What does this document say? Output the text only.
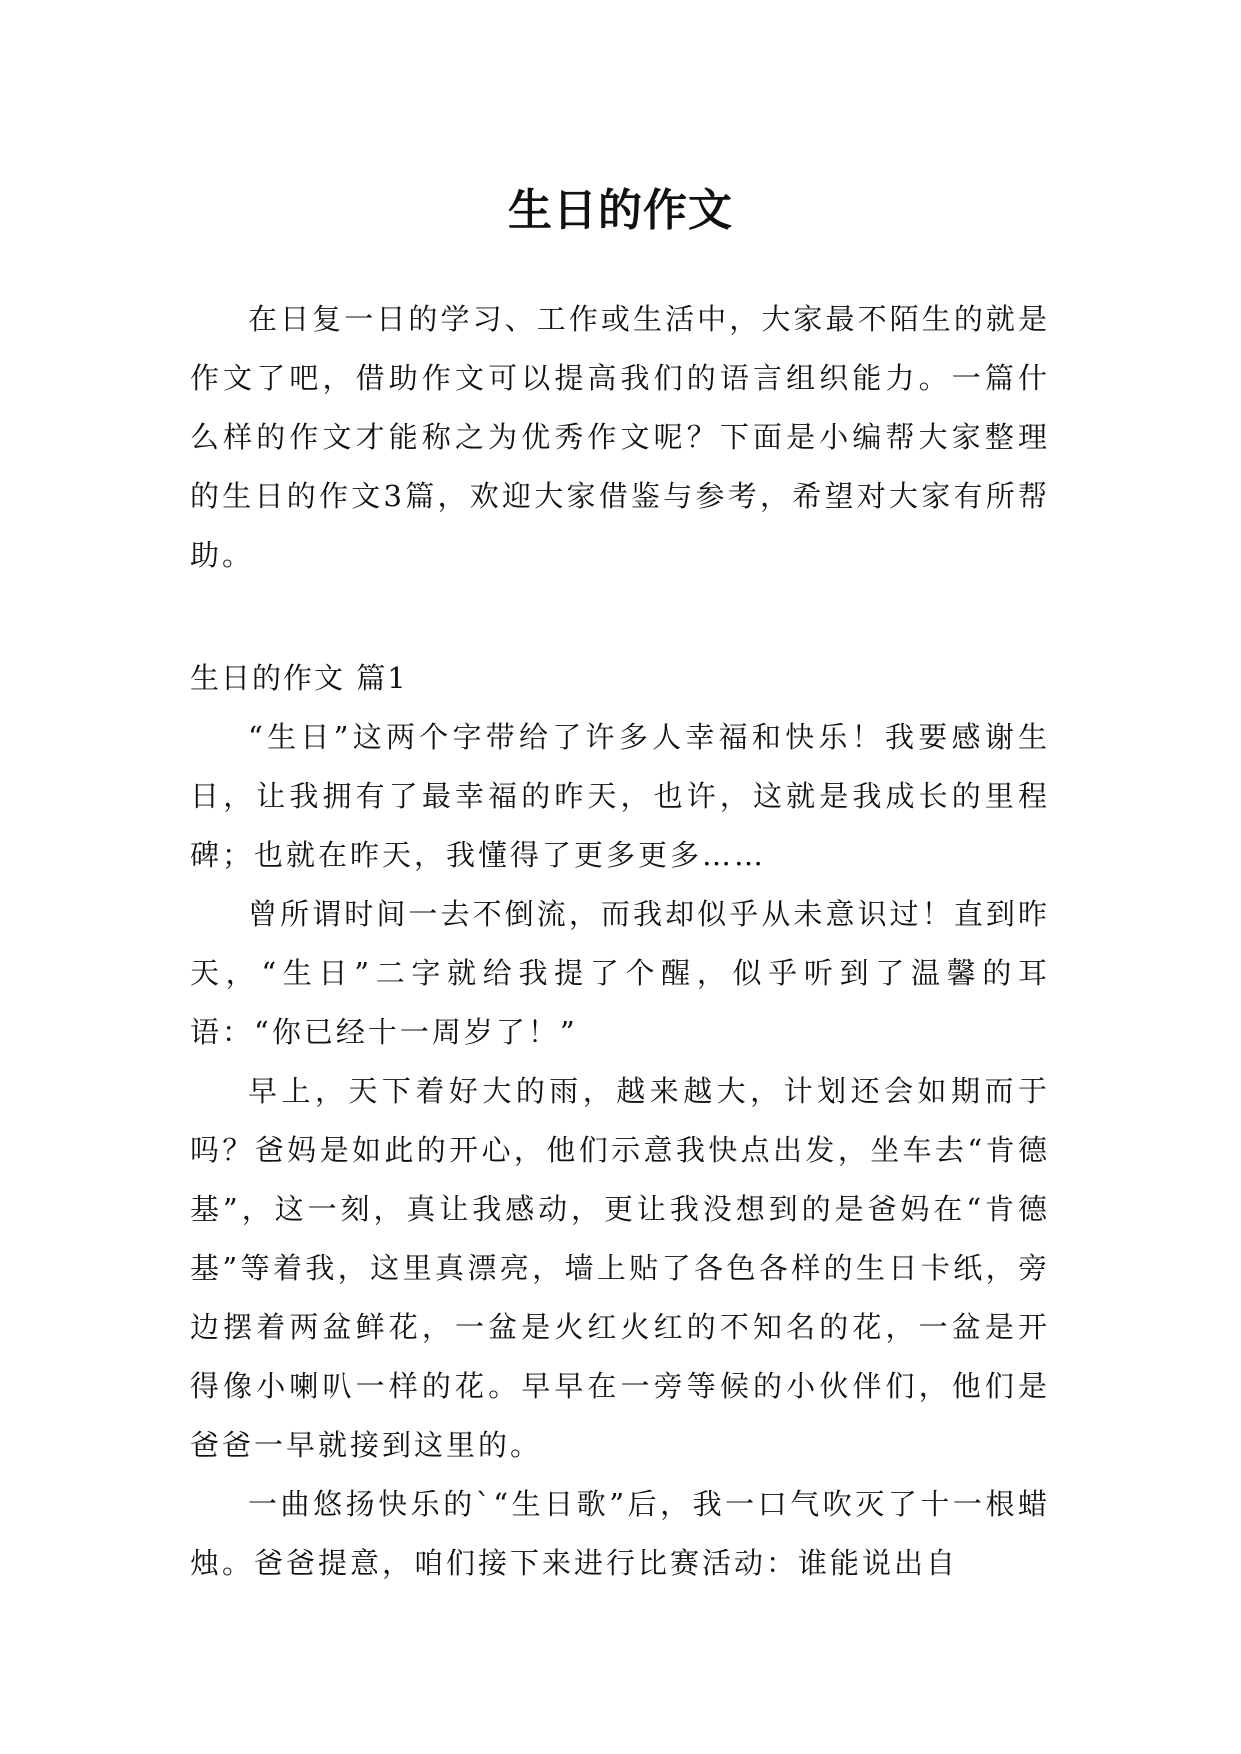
生日的作文

在日复一日的学习、工作或生活中，大家最不陌生的就是作文了吧，借助作文可以提高我们的语言组织能力。一篇什么样的作文才能称之为优秀作文呢？下面是小编帮大家整理的生日的作文3篇，欢迎大家借鉴与参考，希望对大家有所帮助。

生日的作文 篇1

“生日”这两个字带给了许多人幸福和快乐！我要感谢生日，让我拥有了最幸福的昨天，也许，这就是我成长的里程碑；也就在昨天，我懂得了更多更多……

曾所谓时间一去不倒流，而我却似乎从未意识过！直到昨天，“生日”二字就给我提了个醒，似乎听到了温馨的耳语：“你已经十一周岁了！”

早上，天下着好大的雨，越来越大，计划还会如期而于吗？爸妈是如此的开心，他们示意我快点出发，坐车去“肯德基”，这一刻，真让我感动，更让我没想到的是爸妈在“肯德基”等着我，这里真漂亮，墙上贴了各色各样的生日卡纸，旁边摆着两盆鲜花，一盆是火红火红的不知名的花，一盆是开得像小喇叭一样的花。早早在一旁等候的小伙伴们，他们是爸爸一早就接到这里的。

一曲悠扬快乐的`“生日歌”后，我一口气吹灭了十一根蜡烛。爸爸提意，咱们接下来进行比赛活动：谁能说出自
